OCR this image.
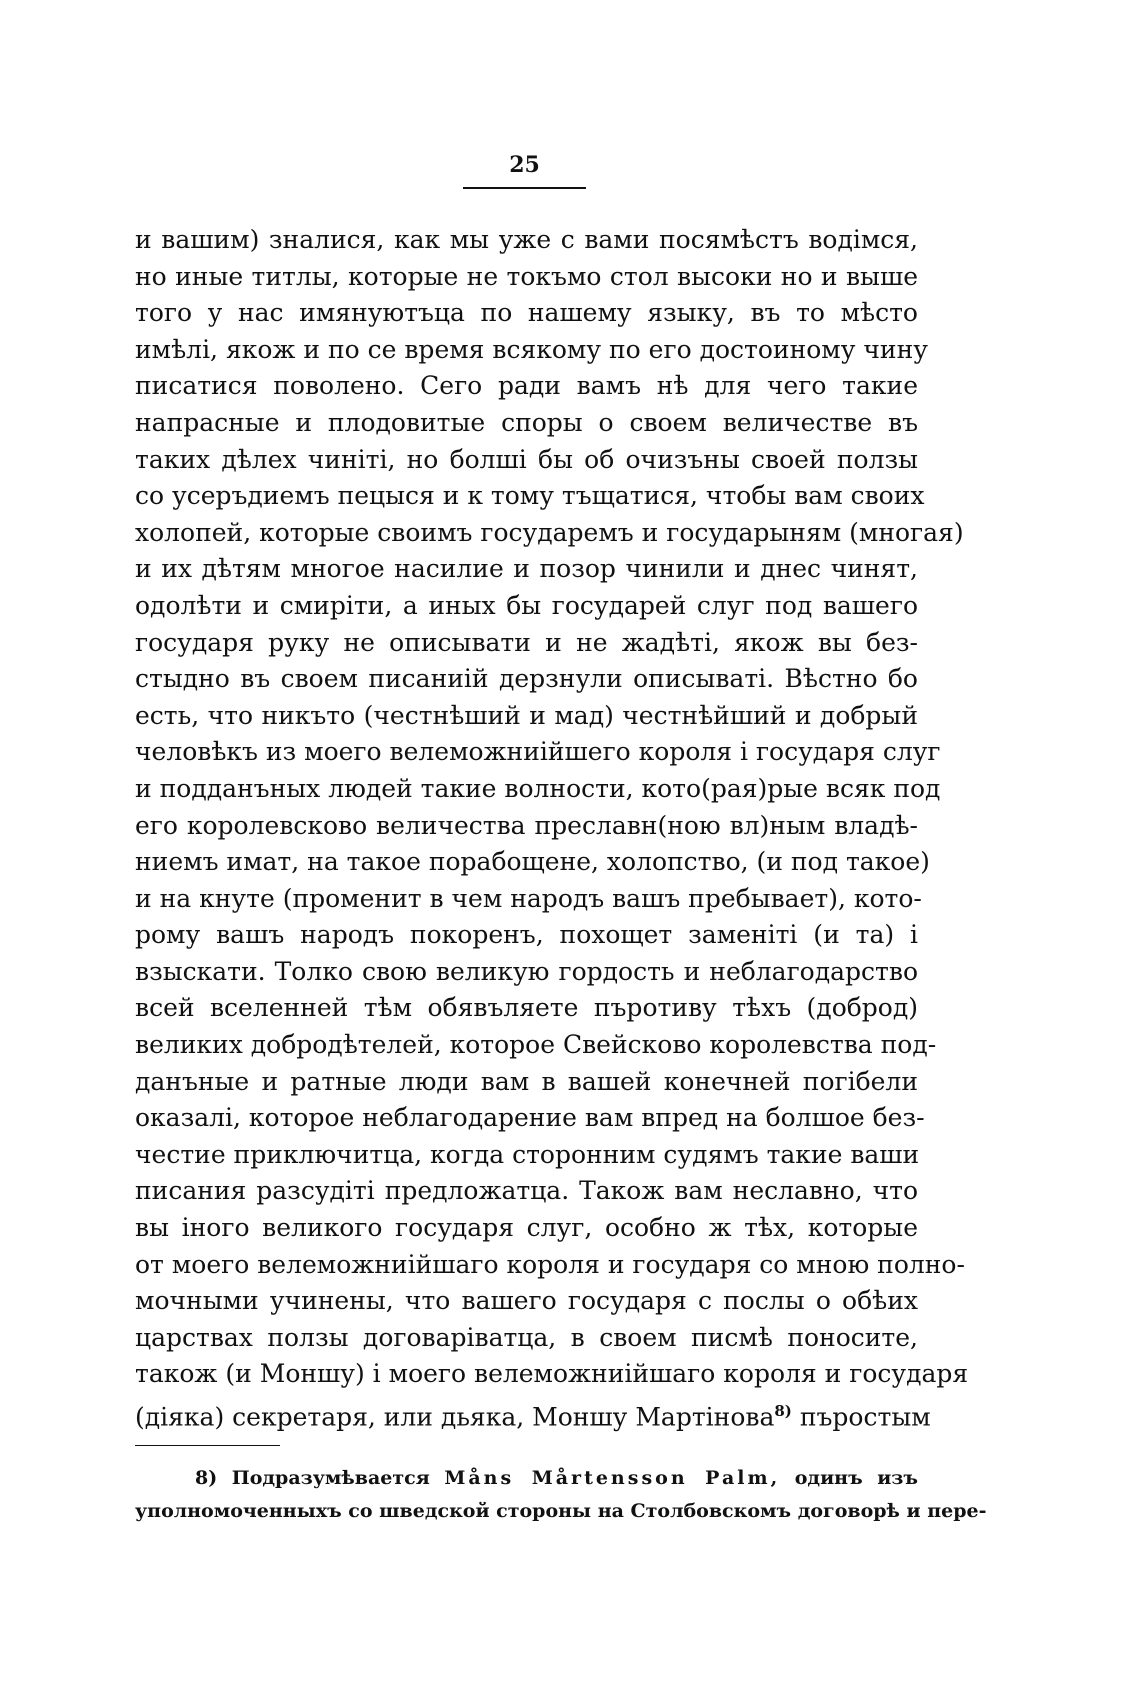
25
и вашим) зналися, как мы уже с вами посямѣстъ водімся,
но иные титлы, которые не токъмо стол высоки но и выше
того у нас имянуютъца по нашему языку, въ то мѣсто
имѣлі, якож и по се время всякому по его достоиному чину
писатися поволено. Сего ради вамъ нѣ для чего такие
напрасные и плодовитые споры о своем величестве въ
таких дѣлех чиніті, но болші бы об очизъны своей ползы
со усеръдиемъ пецыся и к тому тъщатися, чтобы вам своих
холопей, которые своимъ государемъ и государыням (многая)
и их дѣтям многое насилие и позор чинили и днес чинят,
одолѣти и смиріти, а иных бы государей слуг под вашего
государя руку не описывати и не жадѣті, якож вы без-
стыдно въ своем писаниій дерзнули описываті. Вѣстно бо
есть, что никъто (честнѣший и мад) честнѣйший и добрый
человѣкъ из моего велеможниійшего короля і государя слуг
и подданъных людей такие волности, кото(рая)рые всяк под
его королевсково величества преславн(ною вл)ным владѣ-
ниемъ имат, на такое порабощене, холопство, (и под такое)
и на кнуте (променит в чем народъ вашъ пребывает), кото-
рому вашъ народъ покоренъ, похощет заменіті (и та) і
взыскати. Толко свою великую гордость и неблагодарство
всей вселенней тѣм обявъляете пъротиву тѣхъ (доброд)
великих добродѣтелей, которое Свейсково королевства под-
данъные и ратные люди вам в вашей конечней погібели
оказалі, которое неблагодарение вам впред на болшое без-
честие приключитца, когда сторонним судямъ такие ваши
писания разсудіті предложатца. Також вам неславно, что
вы іного великого государя слуг, особно ж тѣх, которые
от моего велеможниійшаго короля и государя со мною полно-
мочными учинены, что вашего государя с послы о обѣих
царствах ползы договаріватца, в своем писмѣ поносите,
також (и Моншу) і моего велеможниійшаго короля и государя
(діяка) секретаря, или дьяка, Моншу Мартінова$^{8)}$ пъростым
8) Подразумѣвается Måns Mårtensson Palm, одинъ изъ
уполномоченныхъ со шведской стороны на Столбовскомъ договорѣ и пере-
